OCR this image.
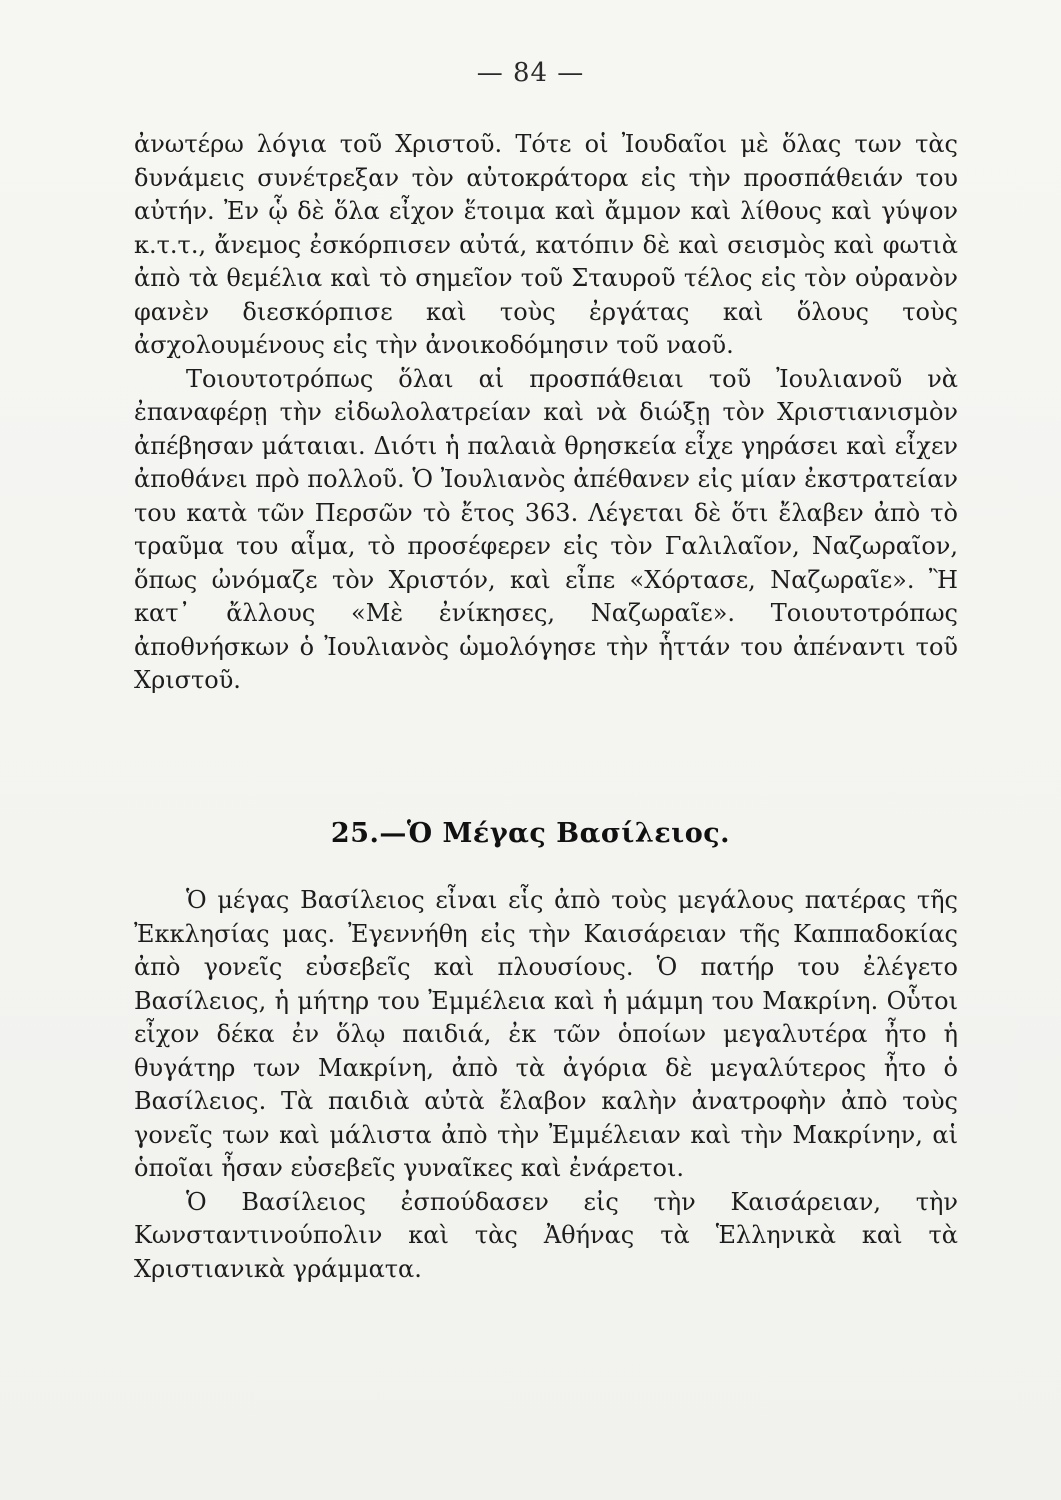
— 84 —

ἀνωτέρω λόγια τοῦ Χριστοῦ. Τότε οἱ Ἰουδαῖοι μὲ ὅλας των τὰς δυνάμεις συνέτρεξαν τὸν αὐτοκράτορα εἰς τὴν προσπάθειάν του αὐτήν. Ἐν ᾧ δὲ ὅλα εἶχον ἕτοιμα καὶ ἄμμον καὶ λίθους καὶ γύψον κ.τ.τ., ἄνεμος ἐσκόρπισεν αὐτά, κατόπιν δὲ καὶ σεισμὸς καὶ φωτιὰ ἀπὸ τὰ θεμέλια καὶ τὸ σημεῖον τοῦ Σταυροῦ τέλος εἰς τὸν οὐρανὸν φανὲν διεσκόρπισε καὶ τοὺς ἐργάτας καὶ ὅλους τοὺς ἀσχολουμένους εἰς τὴν ἀνοικοδόμησιν τοῦ ναοῦ.

Τοιουτοτρόπως ὅλαι αἱ προσπάθειαι τοῦ Ἰουλιανοῦ νὰ ἐπαναφέρῃ τὴν εἰδωλολατρείαν καὶ νὰ διώξῃ τὸν Χριστιανισμὸν ἀπέβησαν μάταιαι. Διότι ἡ παλαιὰ θρησκεία εἶχε γηράσει καὶ εἶχεν ἀποθάνει πρὸ πολλοῦ. Ὁ Ἰουλιανὸς ἀπέθανεν εἰς μίαν ἐκστρατείαν του κατὰ τῶν Περσῶν τὸ ἔτος 363. Λέγεται δὲ ὅτι ἔλαβεν ἀπὸ τὸ τραῦμα του αἷμα, τὸ προσέφερεν εἰς τὸν Γαλιλαῖον, Ναζωραῖον, ὅπως ὠνόμαζε τὸν Χριστόν, καὶ εἶπε «Χόρτασε, Ναζωραῖε». Ἢ κατ᾽ ἄλλους «Μὲ ἐνίκησες, Ναζωραῖε». Τοιουτοτρόπως ἀποθνήσκων ὁ Ἰουλιανὸς ὡμολόγησε τὴν ἧττάν του ἀπέναντι τοῦ Χριστοῦ.

25.—Ὁ Μέγας Βασίλειος.

Ὁ μέγας Βασίλειος εἶναι εἷς ἀπὸ τοὺς μεγάλους πατέρας τῆς Ἐκκλησίας μας. Ἐγεννήθη εἰς τὴν Καισάρειαν τῆς Καππαδοκίας ἀπὸ γονεῖς εὐσεβεῖς καὶ πλουσίους. Ὁ πατήρ του ἐλέγετο Βασίλειος, ἡ μήτηρ του Ἐμμέλεια καὶ ἡ μάμμη του Μακρίνη. Οὗτοι εἶχον δέκα ἐν ὅλῳ παιδιά, ἐκ τῶν ὁποίων μεγαλυτέρα ἦτο ἡ θυγάτηρ των Μακρίνη, ἀπὸ τὰ ἀγόρια δὲ μεγαλύτερος ἦτο ὁ Βασίλειος. Τὰ παιδιὰ αὐτὰ ἔλαβον καλὴν ἀνατροφὴν ἀπὸ τοὺς γονεῖς των καὶ μάλιστα ἀπὸ τὴν Ἐμμέλειαν καὶ τὴν Μακρίνην, αἱ ὁποῖαι ἦσαν εὐσεβεῖς γυναῖκες καὶ ἐνάρετοι.

Ὁ Βασίλειος ἐσπούδασεν εἰς τὴν Καισάρειαν, τὴν Κωνσταντινούπολιν καὶ τὰς Ἀθήνας τὰ Ἑλληνικὰ καὶ τὰ Χριστιανικὰ γράμματα.
